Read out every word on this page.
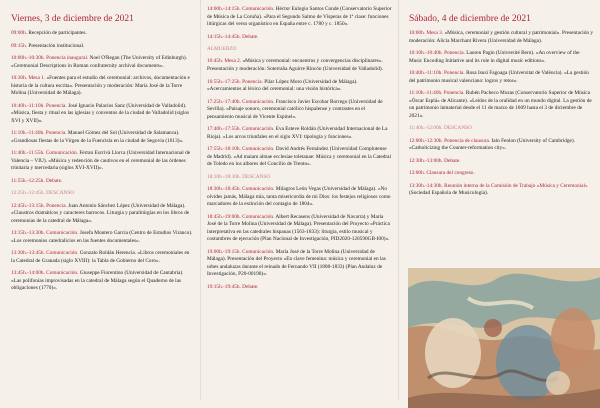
Viernes, 3 de diciembre de 2021
09:00h. Recepción de participantes.
09:15h. Presentación institucional.
10:00h.-10:30h. Ponencia inaugural. Noel O'Regan (The University of Edinburgh). «Ceremonial Descriptions in Roman confraternity archival documents».
10:30h. Mesa 1. «Fuentes para el estudio del ceremonial: archivos, documentación e historia de la cultura escrita». Presentación y moderación: María José de la Torre Molina (Universidad de Málaga).
10:40h.-11:10h. Ponencia. José Ignacio Palacios Sanz (Universidad de Valladolid). «Música, fiesta y ritual en las iglesias y conventos de la ciudad de Valladolid (siglos XVI y XVII)».
11:10h.-11:40h. Ponencia. Manuel Gómez del Sol (Universidad de Salamanca). «Grandiosas fiestas de la Virgen de la Fuencisla en la ciudad de Segovia (1613)».
11:40h.-11:55h. Comunicación. Ferran Escrivà Llorca (Universidad Internacional de Valencia – VIU). «Música y redención de cautivos en el ceremonial de las órdenes trinitaria y mercedaria (siglos XVI-XVII)».
11:55h.-12:25h. Debate.
12:25h.-12:45h. DESCANSO
12:45h.-13:15h. Ponencia. Juan Antonio Sánchez López (Universidad de Málaga). «Claustros dramáticos y caracteres barrocos. Liturgia y paralitúrgias en los libros de ceremonias de la catedral de Málaga».
13:15h.-13:30h. Comunicación. Josefa Montero García (Centro de Estudios Viranco). «Los ceremonios catedralicios en las fuentes documentales».
13:30h.-13:45h. Comunicación. Gonzalo Roldán Herencia. «Libros ceremoniales en la Catedral de Granada (siglo XVIII): la Tabla de Gobierno del Coro».
13:45h.-14:00h. Comunicación. Giuseppe Fiorentino (Universidad de Cantabria). «Las polifonías improvisadas en la catedral de Málaga según el Quaderno de las obligaciones (1770)».
14:00h.-14:15h. Comunicación. Héctor Eulogio Santos Conde (Conservatorio Superior de Música de La Coruña). «Para el Segundo Salmo de Vísperas de 1ª clase: funciones litúrgicas del verso organístico en España entre c. 1780 y c. 1850».
14:15h.-14:45h. Debate.
ALMUERZO
16:45h. Mesa 2. «Música y ceremonial: encuentros y convergencias disciplinares». Presentación y moderación: Soterraña Aguirre Rincón (Universidad de Valladolid).
16:55h.-17:25h. Ponencia. Pilar López Moro (Universidad de Málaga). «Acercamientos al léxico del ceremonial: una visión histórica».
17:25h.-17:40h. Comunicación. Francisco Javier Escobar Borrego (Universidad de Sevilla). «Paisaje sonoro, ceremonial católico hispalense y contrastes en el pensamiento musical de Vicente Espinel».
17:40h.-17:55h. Comunicación. Eva Esteve Roldán (Universidad Internacional de La Rioja). «Los arcos triunfales en el siglo XVI: tipología y funciones».
17:55h.-18:10h. Comunicación. David Andrés Fernández (Universidad Complutense de Madrid). «Ad maiam almae ecclesiae toletanae: Música y ceremonial en la Catedral de Toledo en los albores del Concilio de Trento».
18:10h.-18:30h. DESCANSO
18:30h.-18:45h. Comunicación. Milagros León Vegas (Universidad de Málaga). «No olvides jamás, Málaga mía, tanta misericordia de mi Dios: los festejos religiosos como marcadores de la extinción del contagio de 1804».
18:45h.-19:00h. Comunicación. Albert Recasens (Universidad de Navarra) y María José de la Torre Molina (Universidad de Málaga). Presentación del Proyecto «Práctica interpretativa en las catedrales hispanas (1563-1833): liturgia, estilo musical y costumbres de ejecución (Plan Nacional de Investigación, PID2020-120590GB-I00)».
19:00h.-19:15h. Comunicación. María José de la Torre Molina (Universidad de Málaga). Presentación del Proyecto «En clave femenina: música y ceremonial en las urbes andaluzas durante el reinado de Fernando VII (1808-1833) (Plan Andaluz de Investigación, P20-00190)».
19:15h.-19:45h. Debate.
Sábado, 4 de diciembre de 2021
10:00h. Mesa 3. «Música, ceremonial y gestión cultural y patrimonial». Presentación y moderación: Alicia Marchant Rivera (Universidad de Málaga).
10:10h.-10:40h. Ponencia. Lauren Pagin (Université Bern). «An overview of the Music Encoding Initiative and its role in digital music editions».
10:40h.-11:10h. Ponencia. Rosa Isusi Fagoaga (Universitat de València). «La gestión del patrimonio musical valenciano: logros y retos».
11:10h.-11:40h. Ponencia. Rubén Pacheco Mozas (Conservatorio Superior de Música «Óscar Esplá» de Alicante). «Leídos de la oralidad en un mundo digital. La gestión de un patrimonio inmaterial desde el 11 de marzo de 1609 hasta el 3 de diciembre de 2021».
11:40h.-12:00h. DESCANSO
12:00h.-12:30h. Ponencia de clausura. Iain Fenlon (University of Cambridge). «Catholicizing the Counter-reformation city».
12:30h.-13:00h. Debate.
13:00h. Clausura del congreso.
13:30h.-14:30h. Reunión interna de la Comisión de Trabajo «Música y Ceremonial» (Sociedad Española de Musicología).
